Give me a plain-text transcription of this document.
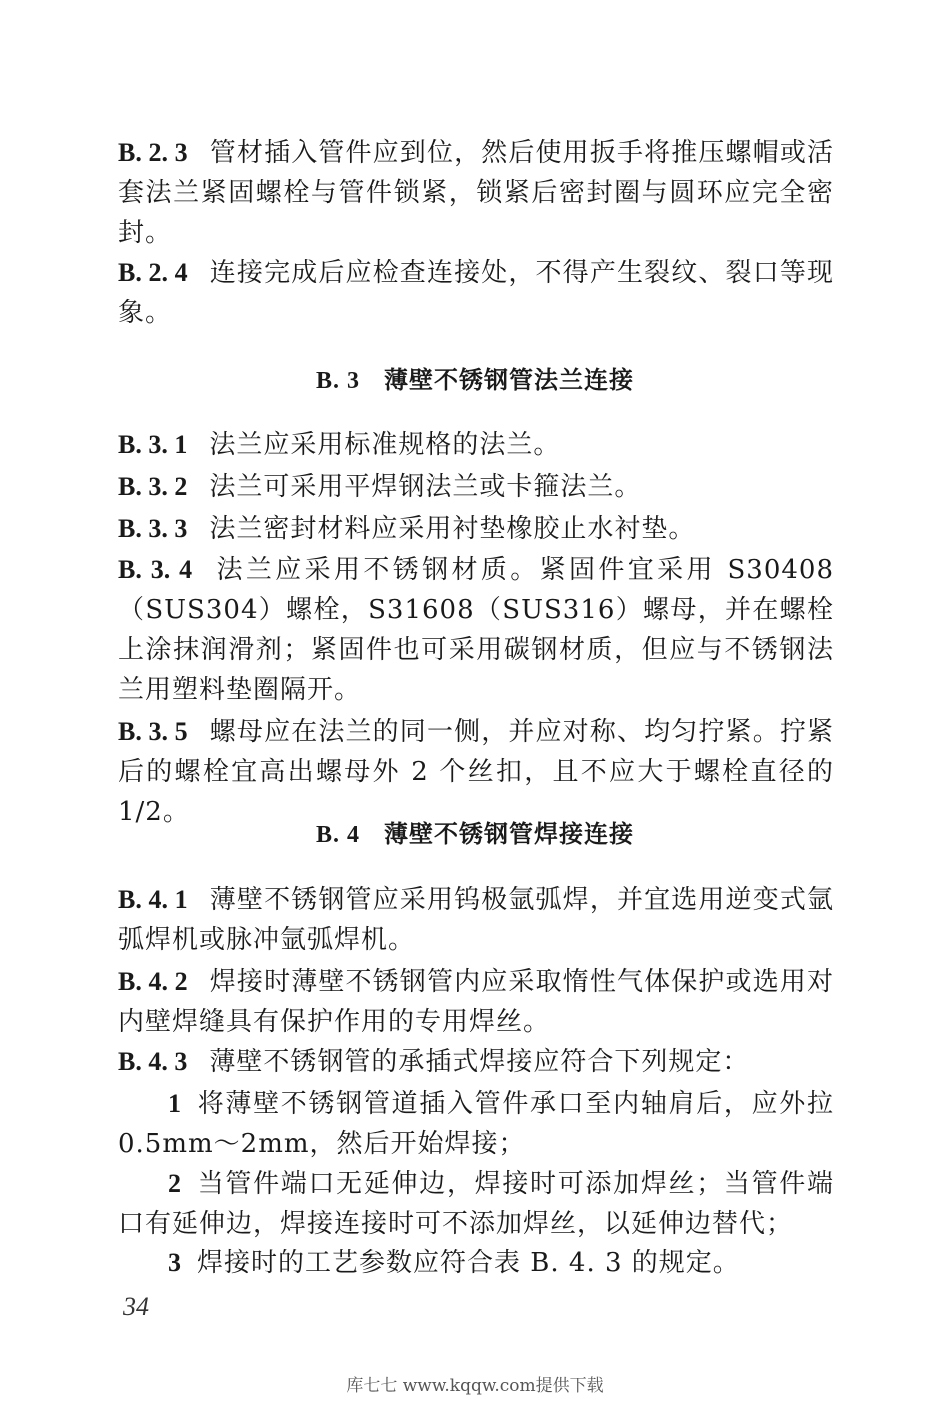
B. 2. 3 管材插入管件应到位，然后使用扳手将推压螺帽或活套法兰紧固螺栓与管件锁紧，锁紧后密封圈与圆环应完全密封。

B. 2. 4 连接完成后应检查连接处，不得产生裂纹、裂口等现象。

B. 3 薄壁不锈钢管法兰连接

B. 3. 1 法兰应采用标准规格的法兰。

B. 3. 2 法兰可采用平焊钢法兰或卡箍法兰。

B. 3. 3 法兰密封材料应采用衬垫橡胶止水衬垫。

B. 3. 4 法兰应采用不锈钢材质。紧固件宜采用 S30408（SUS304）螺栓，S31608（SUS316）螺母，并在螺栓上涂抹润滑剂；紧固件也可采用碳钢材质，但应与不锈钢法兰用塑料垫圈隔开。

B. 3. 5 螺母应在法兰的同一侧，并应对称、均匀拧紧。拧紧后的螺栓宜高出螺母外 2 个丝扣，且不应大于螺栓直径的 1/2。

B. 4 薄壁不锈钢管焊接连接

B. 4. 1 薄壁不锈钢管应采用钨极氩弧焊，并宜选用逆变式氩弧焊机或脉冲氩弧焊机。

B. 4. 2 焊接时薄壁不锈钢管内应采取惰性气体保护或选用对内壁焊缝具有保护作用的专用焊丝。

B. 4. 3 薄壁不锈钢管的承插式焊接应符合下列规定：

1 将薄壁不锈钢管道插入管件承口至内轴肩后，应外拉 0.5mm～2mm，然后开始焊接；

2 当管件端口无延伸边，焊接时可添加焊丝；当管件端口有延伸边，焊接连接时可不添加焊丝，以延伸边替代；

3 焊接时的工艺参数应符合表 B. 4. 3 的规定。

34
库七七 www.kqqw.com提供下载
